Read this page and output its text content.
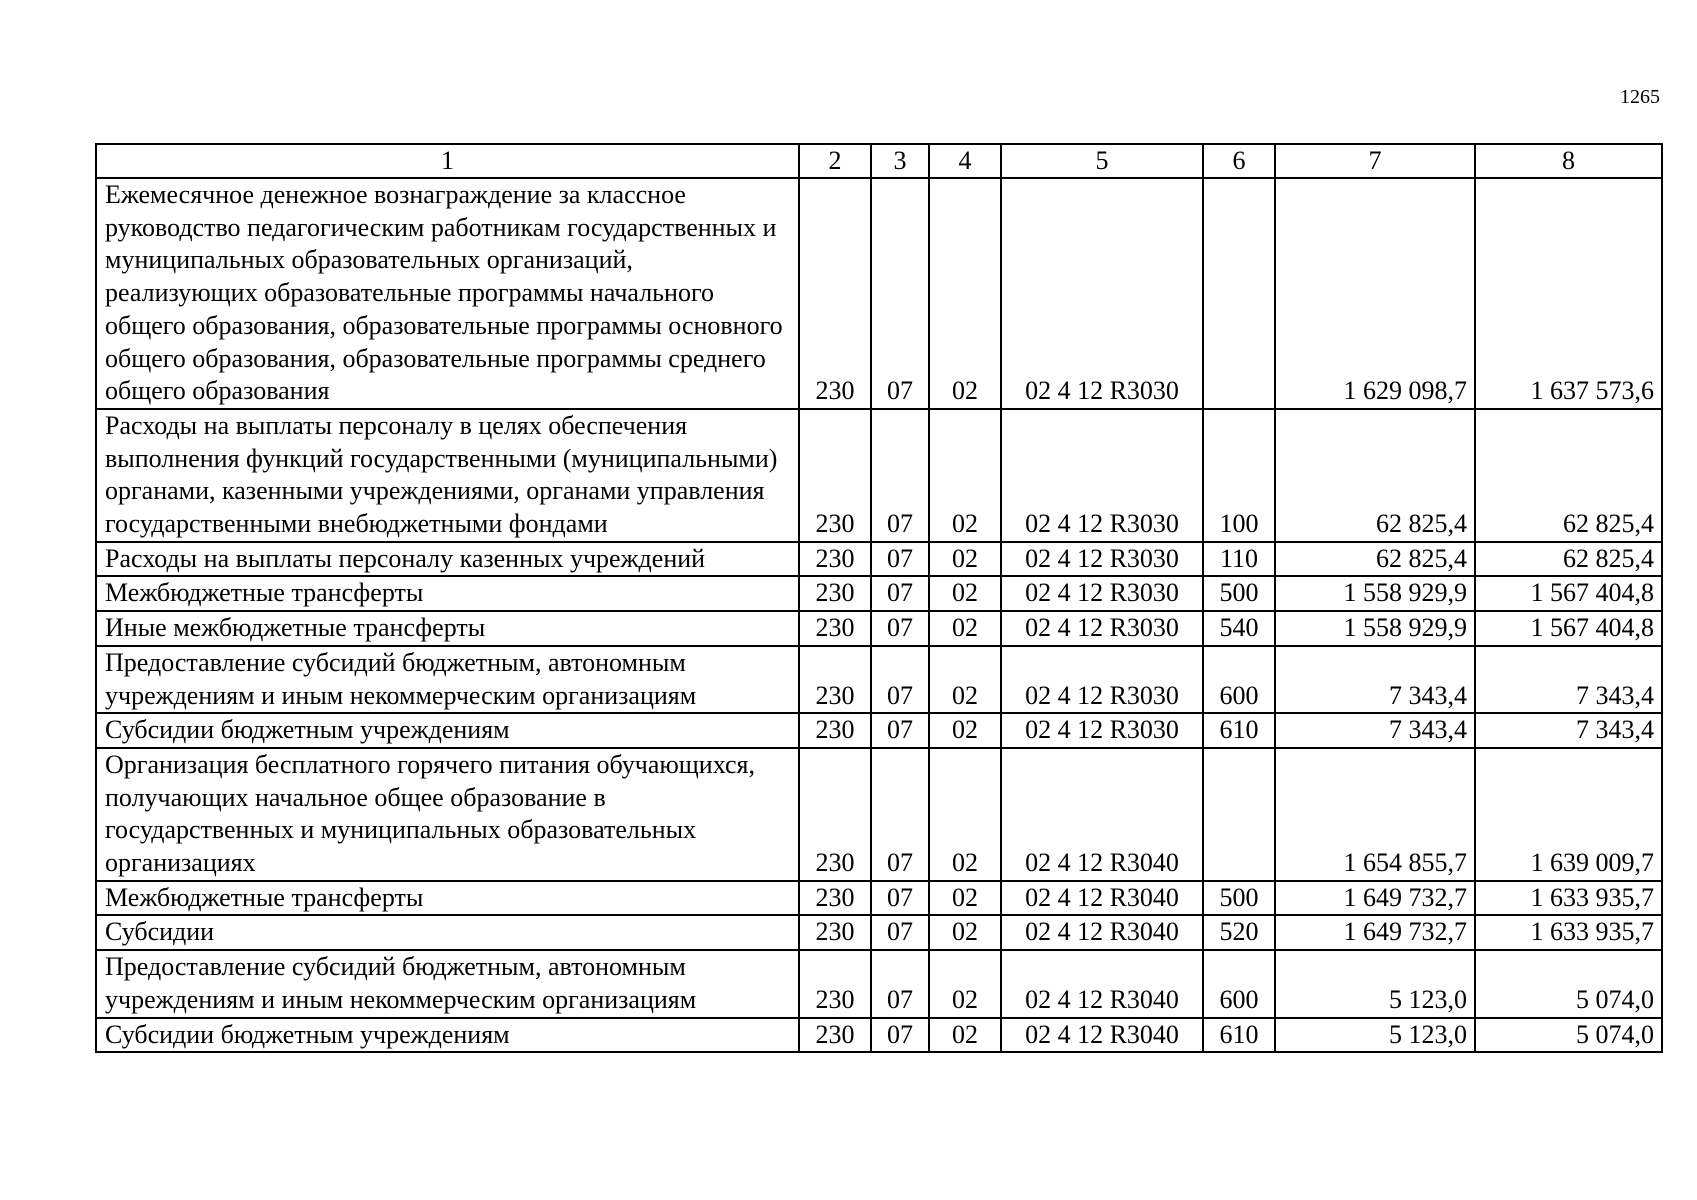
1265
1	2	3	4	5	6	7	8
Ежемесячное денежное вознаграждение за классное руководство педагогическим работникам государственных и муниципальных образовательных организаций, реализующих образовательные программы начального общего образования, образовательные программы основного общего образования, образовательные программы среднего общего образования	230	07	02	02 4 12 R3030		1 629 098,7	1 637 573,6
Расходы на выплаты персоналу в целях обеспечения выполнения функций государственными (муниципальными) органами, казенными учреждениями, органами управления государственными внебюджетными фондами	230	07	02	02 4 12 R3030	100	62 825,4	62 825,4
Расходы на выплаты персоналу казенных учреждений	230	07	02	02 4 12 R3030	110	62 825,4	62 825,4
Межбюджетные трансферты	230	07	02	02 4 12 R3030	500	1 558 929,9	1 567 404,8
Иные межбюджетные трансферты	230	07	02	02 4 12 R3030	540	1 558 929,9	1 567 404,8
Предоставление субсидий бюджетным, автономным учреждениям и иным некоммерческим организациям	230	07	02	02 4 12 R3030	600	7 343,4	7 343,4
Субсидии бюджетным учреждениям	230	07	02	02 4 12 R3030	610	7 343,4	7 343,4
Организация бесплатного горячего питания обучающихся, получающих начальное общее образование в государственных и муниципальных образовательных организациях	230	07	02	02 4 12 R3040		1 654 855,7	1 639 009,7
Межбюджетные трансферты	230	07	02	02 4 12 R3040	500	1 649 732,7	1 633 935,7
Субсидии	230	07	02	02 4 12 R3040	520	1 649 732,7	1 633 935,7
Предоставление субсидий бюджетным, автономным учреждениям и иным некоммерческим организациям	230	07	02	02 4 12 R3040	600	5 123,0	5 074,0
Субсидии бюджетным учреждениям	230	07	02	02 4 12 R3040	610	5 123,0	5 074,0
